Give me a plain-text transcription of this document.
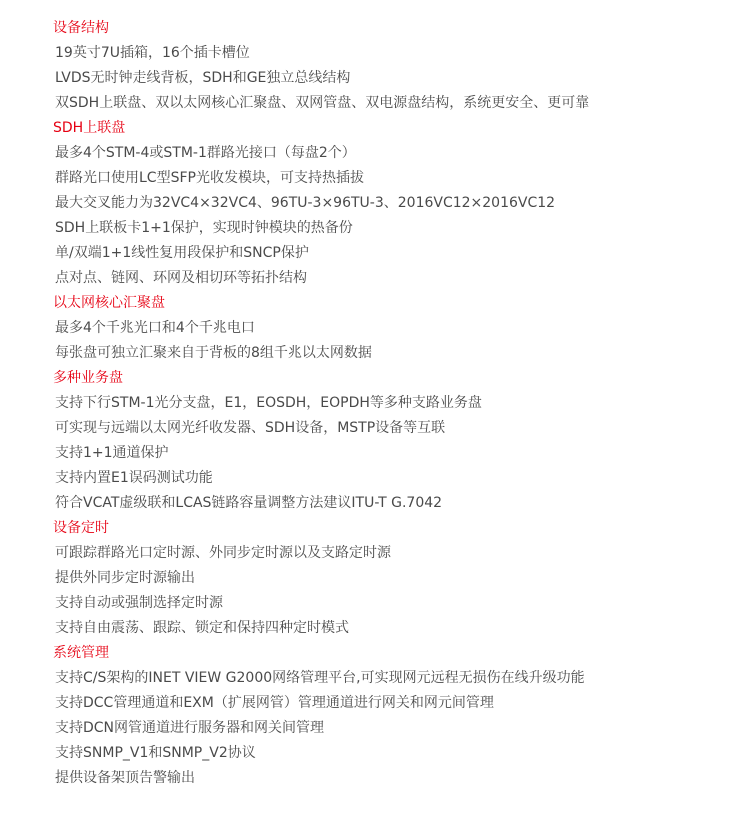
设备结构
19英寸7U插箱，16个插卡槽位
LVDS无时钟走线背板，SDH和GE独立总线结构
双SDH上联盘、双以太网核心汇聚盘、双网管盘、双电源盘结构，系统更安全、更可靠
SDH上联盘
最多4个STM-4或STM-1群路光接口（每盘2个）
群路光口使用LC型SFP光收发模块，可支持热插拔
最大交叉能力为32VC4×32VC4、96TU-3×96TU-3、2016VC12×2016VC12
SDH上联板卡1+1保护，实现时钟模块的热备份
单/双端1+1线性复用段保护和SNCP保护
点对点、链网、环网及相切环等拓扑结构
以太网核心汇聚盘
最多4个千兆光口和4个千兆电口
每张盘可独立汇聚来自于背板的8组千兆以太网数据
多种业务盘
支持下行STM-1光分支盘，E1，EOSDH，EOPDH等多种支路业务盘
可实现与远端以太网光纤收发器、SDH设备，MSTP设备等互联
支持1+1通道保护
支持内置E1误码测试功能
符合VCAT虚级联和LCAS链路容量调整方法建议ITU-T G.7042
设备定时
可跟踪群路光口定时源、外同步定时源以及支路定时源
提供外同步定时源输出
支持自动或强制选择定时源
支持自由震荡、跟踪、锁定和保持四种定时模式
系统管理
支持C/S架构的INET VIEW G2000网络管理平台,可实现网元远程无损伤在线升级功能
支持DCC管理通道和EXM（扩展网管）管理通道进行网关和网元间管理
支持DCN网管通道进行服务器和网关间管理
支持SNMP_V1和SNMP_V2协议
提供设备架顶告警输出
